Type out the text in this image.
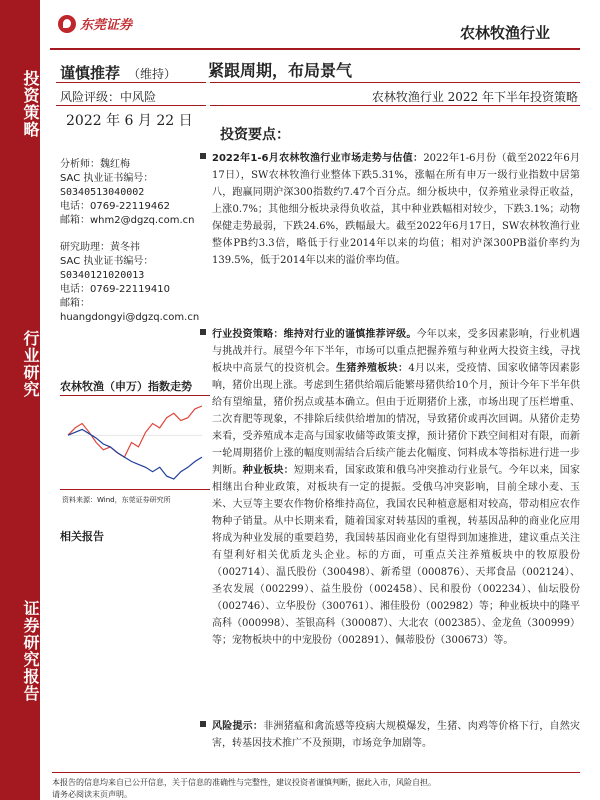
投资策略
行业研究
证券研究报告
东莞证券	农林牧渔行业
谨慎推荐 （维持）
风险评级：中风险
2022 年 6 月 22 日
紧跟周期，布局景气
农林牧渔行业 2022 年下半年投资策略
投资要点：
分析师：魏红梅
SAC 执业证书编号：
S0340513040002
电话：0769-22119462
邮箱：whm2@dgzq.com.cn
研究助理：黄冬祎
SAC 执业证书编号：
S0340121020013
电话：0769-22119410
邮箱：
huangdongyi@dgzq.com.cn
农林牧渔（申万）指数走势
资料来源：Wind，东莞证券研究所
相关报告
2022年1-6月农林牧渔行业市场走势与估值：2022年1-6月份（截至2022年6月17日），SW农林牧渔行业整体下跌5.31%，涨幅在所有申万一级行业指数中居第八，跑赢同期沪深300指数约7.47个百分点。细分板块中，仅养殖业录得正收益，上涨0.7%；其他细分板块录得负收益，其中种业跌幅相对较少，下跌3.1%；动物保健走势最弱，下跌24.6%，跌幅最大。截至2022年6月17日，SW农林牧渔行业整体PB约3.3倍，略低于行业2014年以来的均值；相对沪深300PB溢价率约为139.5%，低于2014年以来的溢价率均值。
行业投资策略：维持对行业的谨慎推荐评级。今年以来，受多因素影响，行业机遇与挑战并行。展望今年下半年，市场可以重点把握养殖与种业两大投资主线，寻找板块中高景气的投资机会。生猪养殖板块：4月以来，受疫情、国家收储等因素影响，猪价出现上涨。考虑到生猪供给端后能繁母猪供给10个月，预计今年下半年供给有望缩量，猪价拐点或基本确立。但由于近期猪价上涨，市场出现了压栏增重、二次育肥等现象，不排除后续供给增加的情况，导致猪价或再次回调。从猪价走势来看，受养殖成本走高与国家收储等政策支撑，预计猪价下跌空间相对有限，而新一轮周期猪价上涨的幅度则需结合后续产能去化幅度、饲料成本等指标进行进一步判断。种业板块：短期来看，国家政策和俄乌冲突推动行业景气。今年以来，国家相继出台种业政策，对板块有一定的提振。受俄乌冲突影响，目前全球小麦、玉米、大豆等主要农作物价格维持高位，我国农民种植意愿相对较高，带动相应农作物种子销量。从中长期来看，随着国家对转基因的重视，转基因品种的商业化应用将成为种业发展的重要趋势，我国转基因商业化有望得到加速推进，建议重点关注有望利好相关优质龙头企业。标的方面，可重点关注养殖板块中的牧原股份（002714）、温氏股份（300498）、新希望（000876）、天邦食品（002124）、圣农发展（002299）、益生股份（002458）、民和股份（002234）、仙坛股份（002746）、立华股份（300761）、湘佳股份（002982）等；种业板块中的隆平高科（000998）、荃银高科（300087）、大北农（002385）、金龙鱼（300999）等；宠物板块中的中宠股份（002891）、佩蒂股份（300673）等。
风险提示：非洲猪瘟和禽流感等疫病大规模爆发，生猪、肉鸡等价格下行，自然灾害，转基因技术推广不及预期，市场竞争加剧等。
本报告的信息均来自已公开信息，关于信息的准确性与完整性，建议投资者谨慎判断，据此入市，风险自担。
请务必阅读末页声明。
